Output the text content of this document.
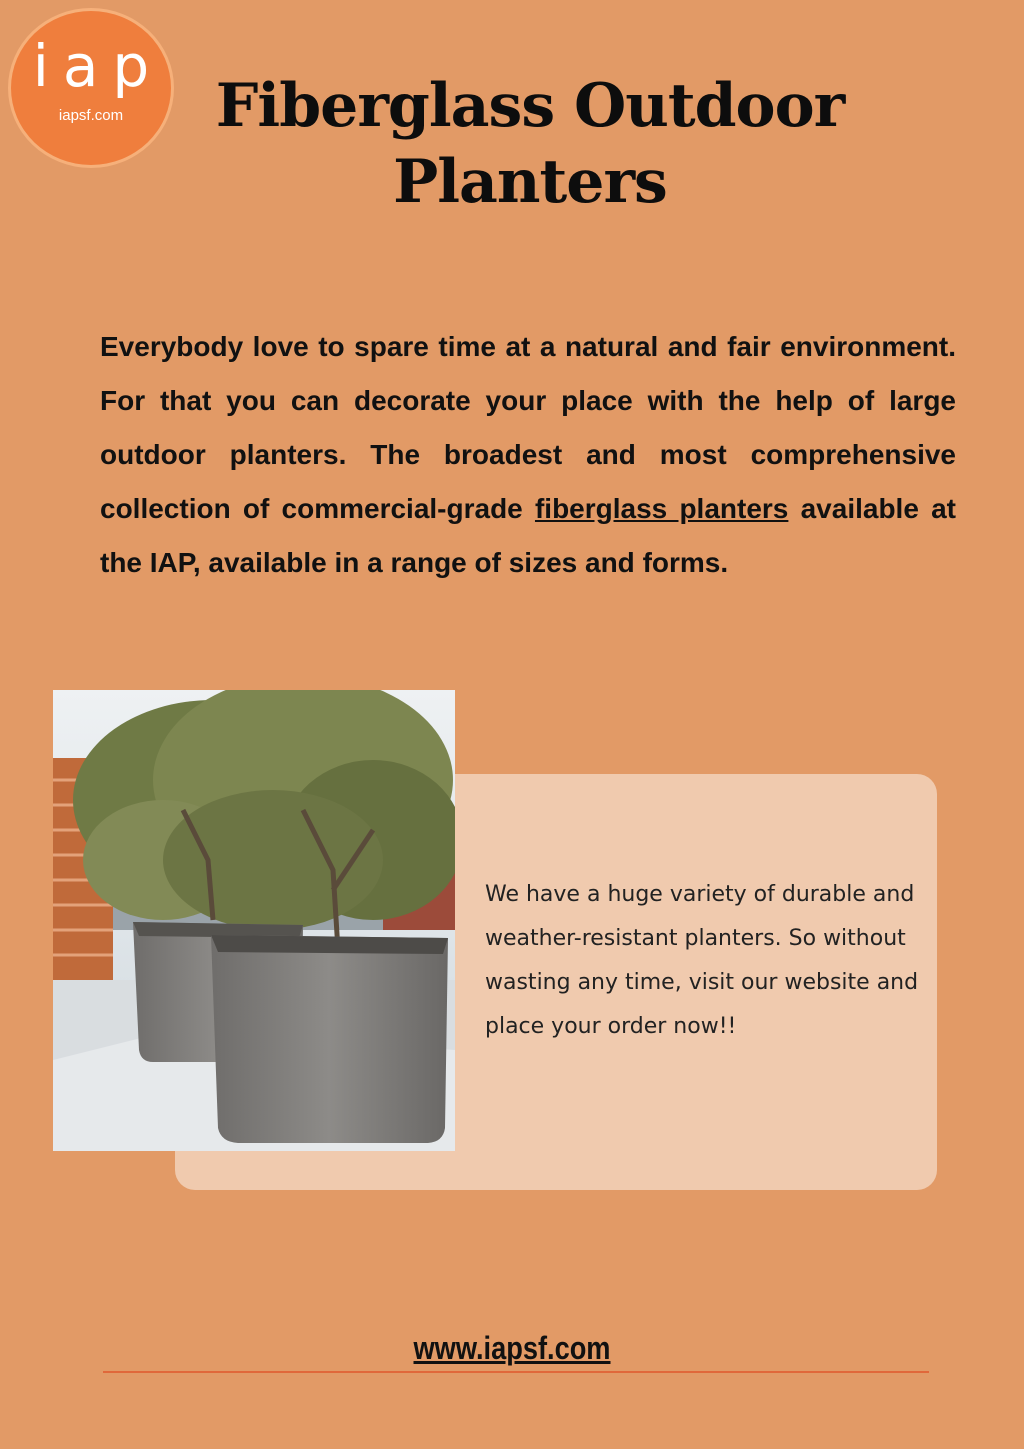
iap
iapsf.com	Fiberglass Outdoor
Planters

Everybody love to spare time at a natural and fair environment. For that you can decorate your place with the help of large outdoor planters. The broadest and most comprehensive collection of commercial-grade fiberglass planters available at the IAP, available in a range of sizes and forms.

We have a huge variety of durable and weather-resistant planters. So without wasting any time, visit our website and place your order now!!

www.iapsf.com
